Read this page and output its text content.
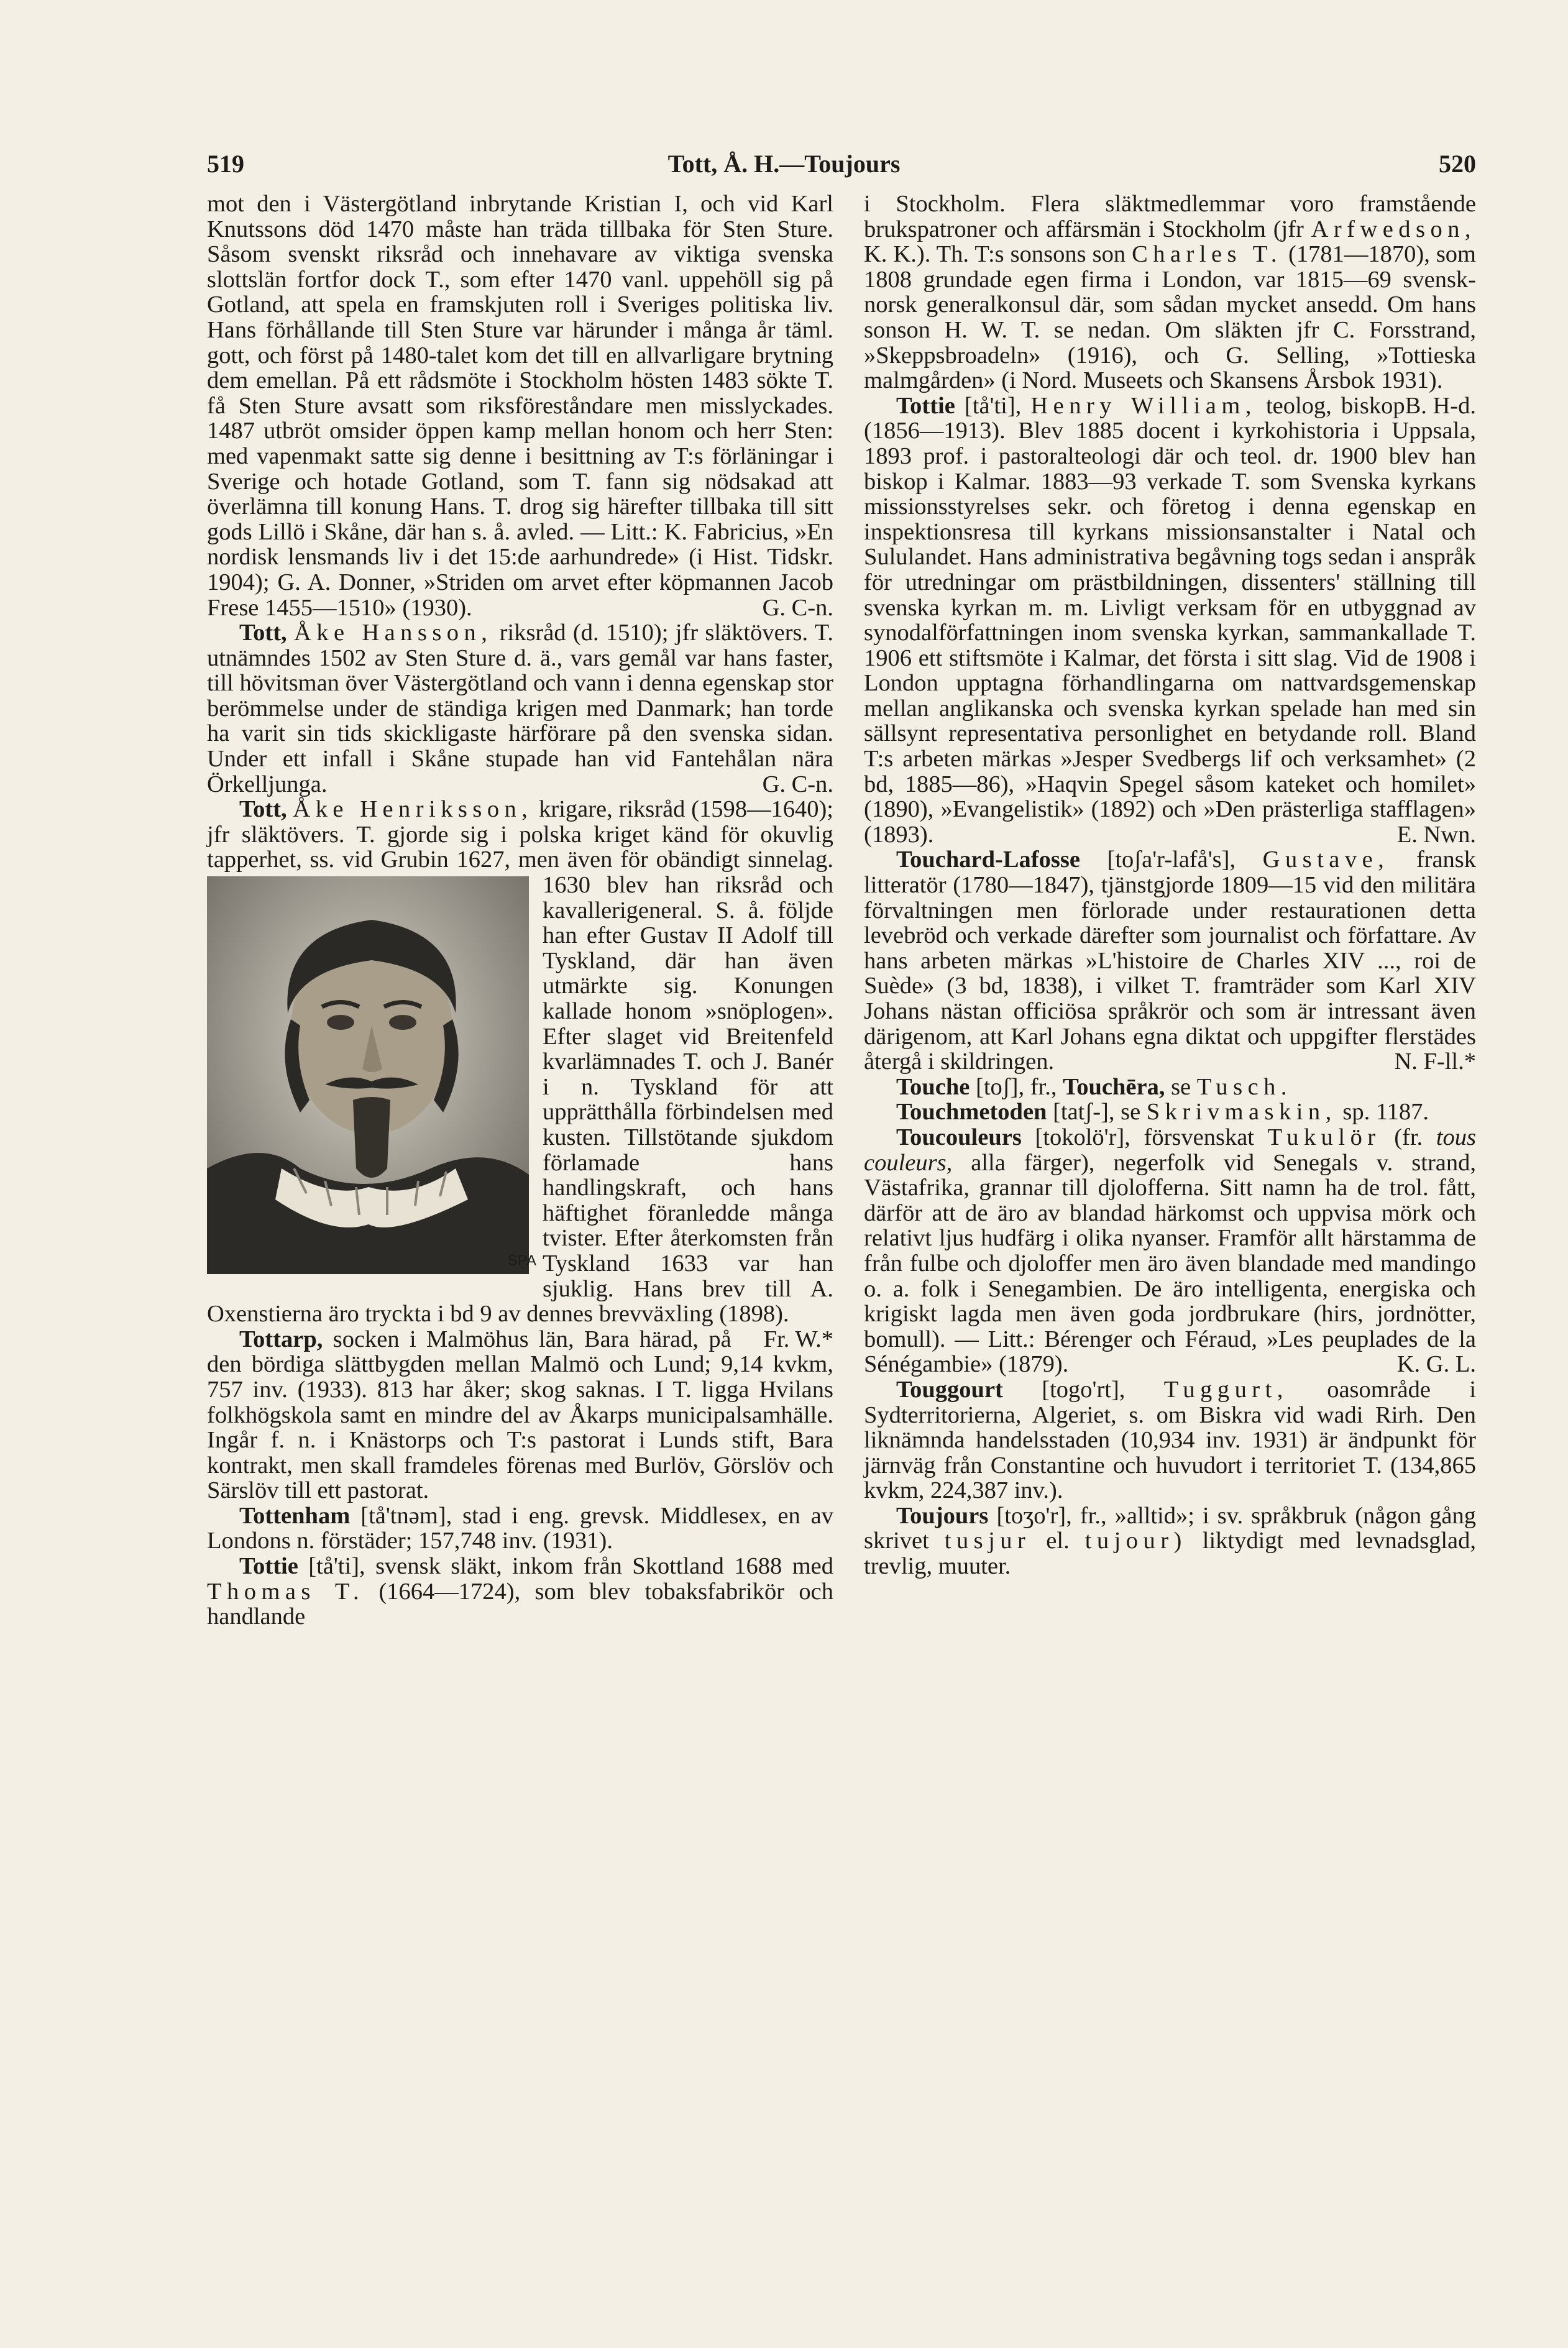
519	Tott, Å. H.—Toujours	520

mot den i Västergötland inbrytande Kristian I, och vid Karl Knutssons död 1470 måste han träda tillbaka för Sten Sture. Såsom svenskt riksråd och innehavare av viktiga svenska slottslän fortfor dock T., som efter 1470 vanl. uppehöll sig på Gotland, att spela en framskjuten roll i Sveriges politiska liv. Hans förhållande till Sten Sture var härunder i många år täml. gott, och först på 1480-talet kom det till en allvarligare brytning dem emellan. På ett rådsmöte i Stockholm hösten 1483 sökte T. få Sten Sture avsatt som riksföreståndare men misslyckades. 1487 utbröt omsider öppen kamp mellan honom och herr Sten: med vapenmakt satte sig denne i besittning av T:s förläningar i Sverige och hotade Gotland, som T. fann sig nödsakad att överlämna till konung Hans. T. drog sig härefter tillbaka till sitt gods Lillö i Skåne, där han s. å. avled. — Litt.: K. Fabricius, »En nordisk lensmands liv i det 15:de aarhundrede» (i Hist. Tidskr. 1904); G. A. Donner, »Striden om arvet efter köpmannen Jacob Frese 1455—1510» (1930).	G. C-n.

Tott, Åke Hansson, riksråd (d. 1510); jfr släktövers. T. utnämndes 1502 av Sten Sture d. ä., vars gemål var hans faster, till hövitsman över Västergötland och vann i denna egenskap stor berömmelse under de ständiga krigen med Danmark; han torde ha varit sin tids skickligaste härförare på den svenska sidan. Under ett infall i Skåne stupade han vid Fantehålan nära Örkelljunga.	G. C-n.

Tott, Åke Henriksson, krigare, riksråd (1598—1640); jfr släktövers. T. gjorde sig i polska kriget känd för okuvlig tapperhet, ss. vid Grubin 1627, men även för obändigt
SPA
sinnelag. 1630 blev han riksråd och kavallerigeneral. S. å. följde han efter Gustav II Adolf till Tyskland, där han även utmärkte sig. Konungen kallade honom »snöplogen». Efter slaget vid Breitenfeld kvarlämnades T. och J. Banér i n. Tyskland för att upprätthålla förbindelsen med kusten. Tillstötande sjukdom förlamade hans handlingskraft, och hans häftighet föranledde många tvister. Efter återkomsten från Tyskland 1633 var han sjuklig. Hans brev till A. Oxenstierna äro tryckta i bd 9 av dennes brevväxling (1898).
Fr. W.*

Tottarp, socken i Malmöhus län, Bara härad, på den bördiga slättbygden mellan Malmö och Lund; 9,14 kvkm, 757 inv. (1933). 813 har åker; skog saknas. I T. ligga Hvilans folkhögskola samt en mindre del av Åkarps municipalsamhälle. Ingår f. n. i Knästorps och T:s pastorat i Lunds stift, Bara kontrakt, men skall framdeles förenas med Burlöv, Görslöv och Särslöv till ett pastorat.

Tottenham [tå'tnəm], stad i eng. grevsk. Middlesex, en av Londons n. förstäder; 157,748 inv. (1931).

Tottie [tå'ti], svensk släkt, inkom från Skottland 1688 med Thomas T. (1664—1724), som blev tobaksfabrikör och handlande

i Stockholm. Flera släktmedlemmar voro framstående brukspatroner och affärsmän i Stockholm (jfr Arfwedson, K. K.). Th. T:s sonsons son Charles T. (1781—1870), som 1808 grundade egen firma i London, var 1815—69 svensk-norsk generalkonsul där, som sådan mycket ansedd. Om hans sonson H. W. T. se nedan. Om släkten jfr C. Forsstrand, »Skeppsbroadeln» (1916), och G. Selling, »Tottieska malmgården» (i Nord. Museets och Skansens Årsbok 1931).
B. H-d.

Tottie [tå'ti], Henry William, teolog, biskop (1856—1913). Blev 1885 docent i kyrkohistoria i Uppsala, 1893 prof. i pastoralteologi där och teol. dr. 1900 blev han biskop i Kalmar. 1883—93 verkade T. som Svenska kyrkans missionsstyrelses sekr. och företog i denna egenskap en inspektionsresa till kyrkans missionsanstalter i Natal och Sululandet. Hans administrativa begåvning togs sedan i anspråk för utredningar om prästbildningen, dissenters' ställning till svenska kyrkan m. m. Livligt verksam för en utbyggnad av synodalförfattningen inom svenska kyrkan, sammankallade T. 1906 ett stiftsmöte i Kalmar, det första i sitt slag. Vid de 1908 i London upptagna förhandlingarna om nattvardsgemenskap mellan anglikanska och svenska kyrkan spelade han med sin sällsynt representativa personlighet en betydande roll. Bland T:s arbeten märkas »Jesper Svedbergs lif och verksamhet» (2 bd, 1885—86), »Haqvin Spegel såsom kateket och homilet» (1890), »Evangelistik» (1892) och »Den prästerliga stafflagen» (1893).	E. Nwn.

Touchard-Lafosse [toʃa'r-lafå's], Gustave, fransk litteratör (1780—1847), tjänstgjorde 1809—15 vid den militära förvaltningen men förlorade under restaurationen detta levebröd och verkade därefter som journalist och författare. Av hans arbeten märkas »L'histoire de Charles XIV ..., roi de Suède» (3 bd, 1838), i vilket T. framträder som Karl XIV Johans nästan officiösa språkrör och som är intressant även därigenom, att Karl Johans egna diktat och uppgifter flerstädes återgå i skildringen.	N. F-ll.*

Touche [toʃ], fr., Touchēra, se Tusch.

Touchmetoden [tatʃ-], se Skrivmaskin, sp. 1187.

Toucouleurs [tokolö'r], försvenskat Tukulör (fr. tous couleurs, alla färger), negerfolk vid Senegals v. strand, Västafrika, grannar till djolofferna. Sitt namn ha de trol. fått, därför att de äro av blandad härkomst och uppvisa mörk och relativt ljus hudfärg i olika nyanser. Framför allt härstamma de från fulbe och djoloffer men äro även blandade med mandingo o. a. folk i Senegambien. De äro intelligenta, energiska och krigiskt lagda men även goda jordbrukare (hirs, jordnötter, bomull). — Litt.: Bérenger och Féraud, »Les peuplades de la Sénégambie» (1879).	K. G. L.

Touggourt [togo'rt], Tuggurt, oasområde i Sydterritorierna, Algeriet, s. om Biskra vid wadi Rirh. Den liknämnda handelsstaden (10,934 inv. 1931) är ändpunkt för järnväg från Constantine och huvudort i territoriet T. (134,865 kvkm, 224,387 inv.).

Toujours [toʒo'r], fr., »alltid»; i sv. språkbruk (någon gång skrivet tusjur el. tujour) liktydigt med levnadsglad, trevlig, muuter.
